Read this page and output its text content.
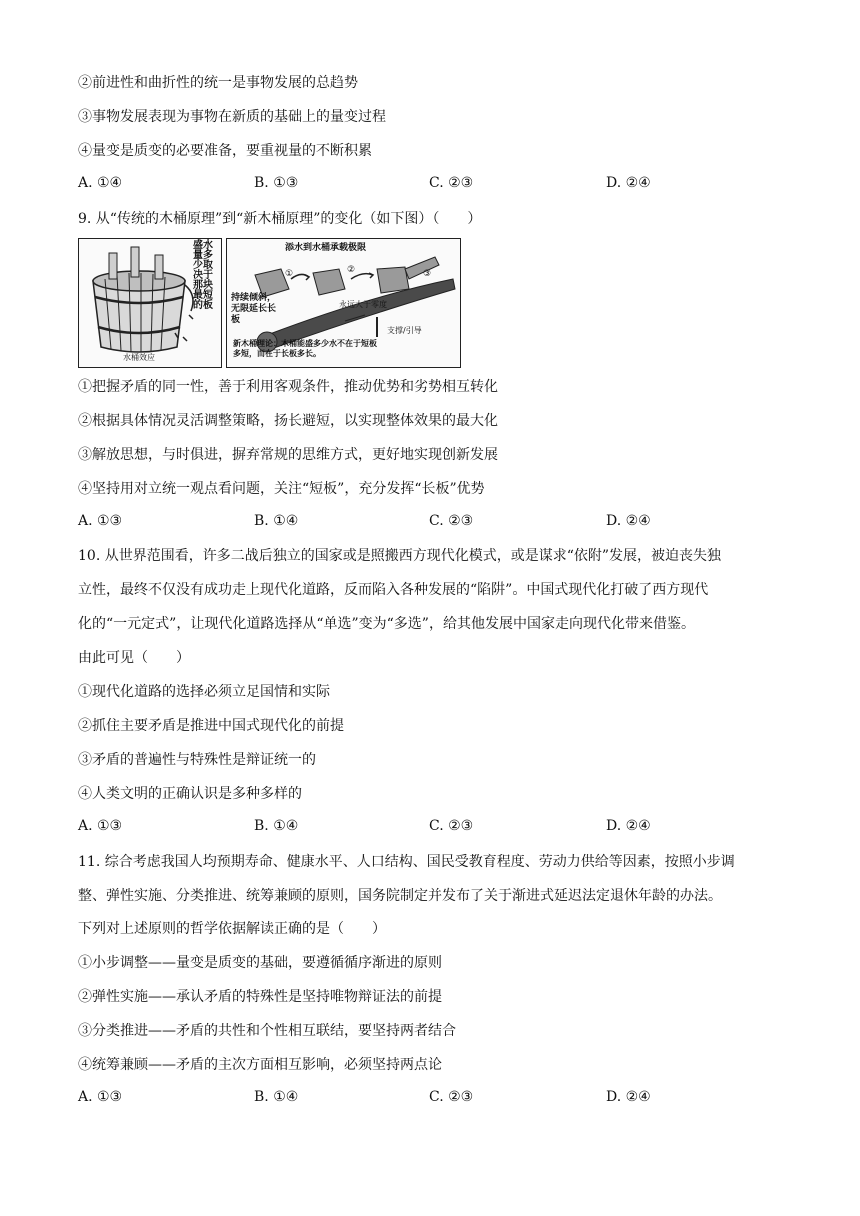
②前进性和曲折性的统一是事物发展的总趋势
③事物发展表现为事物在新质的基础上的量变过程
④量变是质变的必要准备，要重视量的不断积累
A. ①④	B. ①③	C. ②③	D. ②④
9. 从“传统的木桶原理”到“新木桶原理”的变化（如下图）（　　）
水桶效应
盛水量多少取决于那块最短的板
添水到水桶承载极限
持续倾斜，无限延长长板
永远大于零度
支撑/引导
新木桶理论：木桶能盛多少水不在于短板多短，而在于长板多长。
①	②	③
①把握矛盾的同一性，善于利用客观条件，推动优势和劣势相互转化
②根据具体情况灵活调整策略，扬长避短，以实现整体效果的最大化
③解放思想，与时俱进，摒弃常规的思维方式，更好地实现创新发展
④坚持用对立统一观点看问题，关注“短板”，充分发挥“长板”优势
A. ①③	B. ①④	C. ②③	D. ②④
10. 从世界范围看，许多二战后独立的国家或是照搬西方现代化模式，或是谋求“依附”发展，被迫丧失独
立性，最终不仅没有成功走上现代化道路，反而陷入各种发展的“陷阱”。中国式现代化打破了西方现代
化的“一元定式”，让现代化道路选择从“单选”变为“多选”，给其他发展中国家走向现代化带来借鉴。
由此可见（　　）
①现代化道路的选择必须立足国情和实际
②抓住主要矛盾是推进中国式现代化的前提
③矛盾的普遍性与特殊性是辩证统一的
④人类文明的正确认识是多种多样的
A. ①③	B. ①④	C. ②③	D. ②④
11. 综合考虑我国人均预期寿命、健康水平、人口结构、国民受教育程度、劳动力供给等因素，按照小步调
整、弹性实施、分类推进、统筹兼顾的原则，国务院制定并发布了关于渐进式延迟法定退休年龄的办法。
下列对上述原则的哲学依据解读正确的是（　　）
①小步调整——量变是质变的基础，要遵循循序渐进的原则
②弹性实施——承认矛盾的特殊性是坚持唯物辩证法的前提
③分类推进——矛盾的共性和个性相互联结，要坚持两者结合
④统筹兼顾——矛盾的主次方面相互影响，必须坚持两点论
A. ①③	B. ①④	C. ②③	D. ②④
